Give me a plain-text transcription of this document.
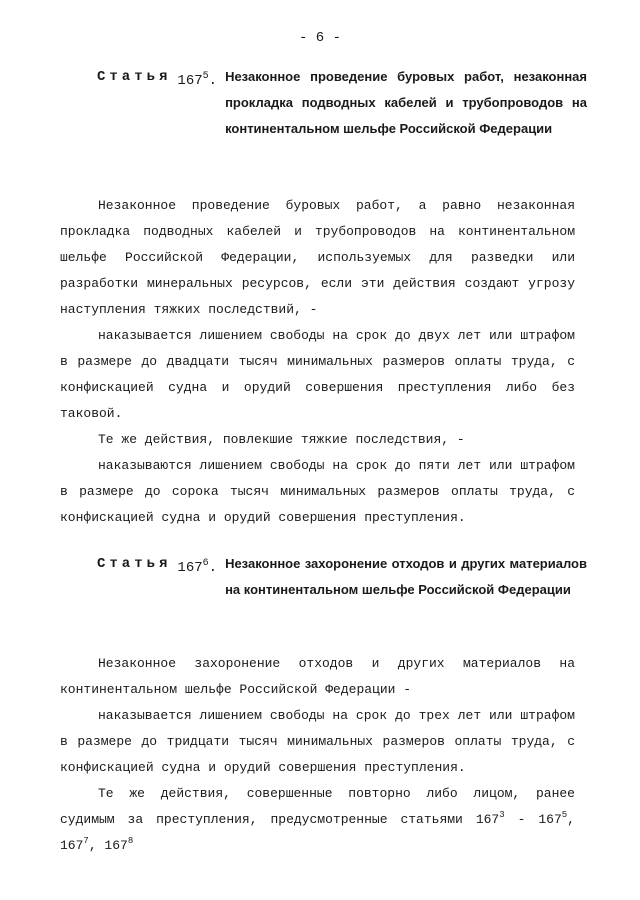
- 6 -
Статья $167^5$. Незаконное проведение буровых работ, незаконная прокладка подводных кабелей и трубопроводов на континентальном шельфе Российской Федерации

Незаконное проведение буровых работ, а равно незаконная прокладка подводных кабелей и трубопроводов на континентальном шельфе Российской Федерации, используемых для разведки или разработки минеральных ресурсов, если эти действия создают угрозу наступления тяжких последствий, -

наказывается лишением свободы на срок до двух лет или штрафом в размере до двадцати тысяч минимальных размеров оплаты труда, с конфискацией судна и орудий совершения преступления либо без таковой.

Те же действия, повлекшие тяжкие последствия, -

наказываются лишением свободы на срок до пяти лет или штрафом в размере до сорока тысяч минимальных размеров оплаты труда, с конфискацией судна и орудий совершения преступления.

Статья $167^6$. Незаконное захоронение отходов и других материалов на континентальном шельфе Российской Федерации

Незаконное захоронение отходов и других материалов на континентальном шельфе Российской Федерации -

наказывается лишением свободы на срок до трех лет или штрафом в размере до тридцати тысяч минимальных размеров оплаты труда, с конфискацией судна и орудий совершения преступления.

Те же действия, совершенные повторно либо лицом, ранее судимым за преступления, предусмотренные статьями $167^3 - 167^5$, $167^7$, $167^8$
